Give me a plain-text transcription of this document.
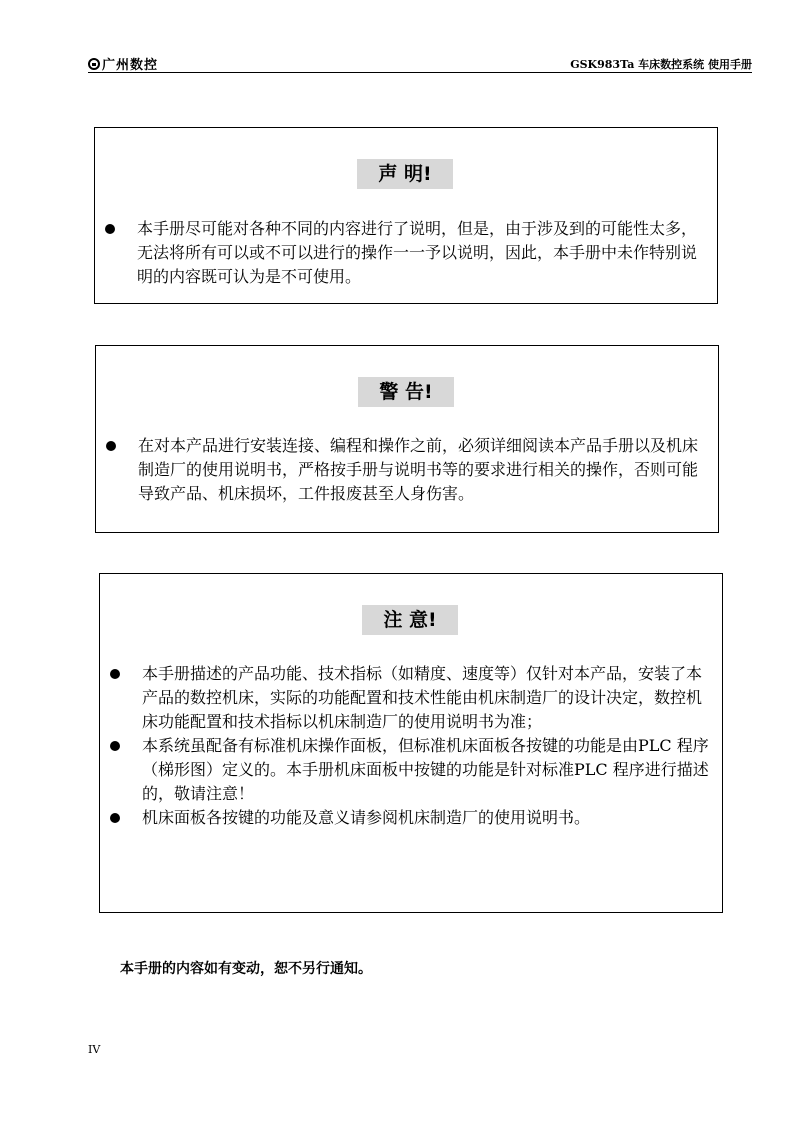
广州数控	GSK983Ta 车床数控系统 使用手册
声 明!
本手册尽可能对各种不同的内容进行了说明，但是，由于涉及到的可能性太多，无法将所有可以或不可以进行的操作一一予以说明，因此，本手册中未作特别说明的内容既可认为是不可使用。
警 告!
在对本产品进行安装连接、编程和操作之前，必须详细阅读本产品手册以及机床制造厂的使用说明书，严格按手册与说明书等的要求进行相关的操作，否则可能导致产品、机床损坏，工件报废甚至人身伤害。
注 意!
本手册描述的产品功能、技术指标（如精度、速度等）仅针对本产品，安装了本产品的数控机床，实际的功能配置和技术性能由机床制造厂的设计决定，数控机床功能配置和技术指标以机床制造厂的使用说明书为准；
本系统虽配备有标准机床操作面板，但标准机床面板各按键的功能是由PLC 程序（梯形图）定义的。本手册机床面板中按键的功能是针对标准PLC 程序进行描述的，敬请注意！
机床面板各按键的功能及意义请参阅机床制造厂的使用说明书。
本手册的内容如有变动，恕不另行通知。
IV
